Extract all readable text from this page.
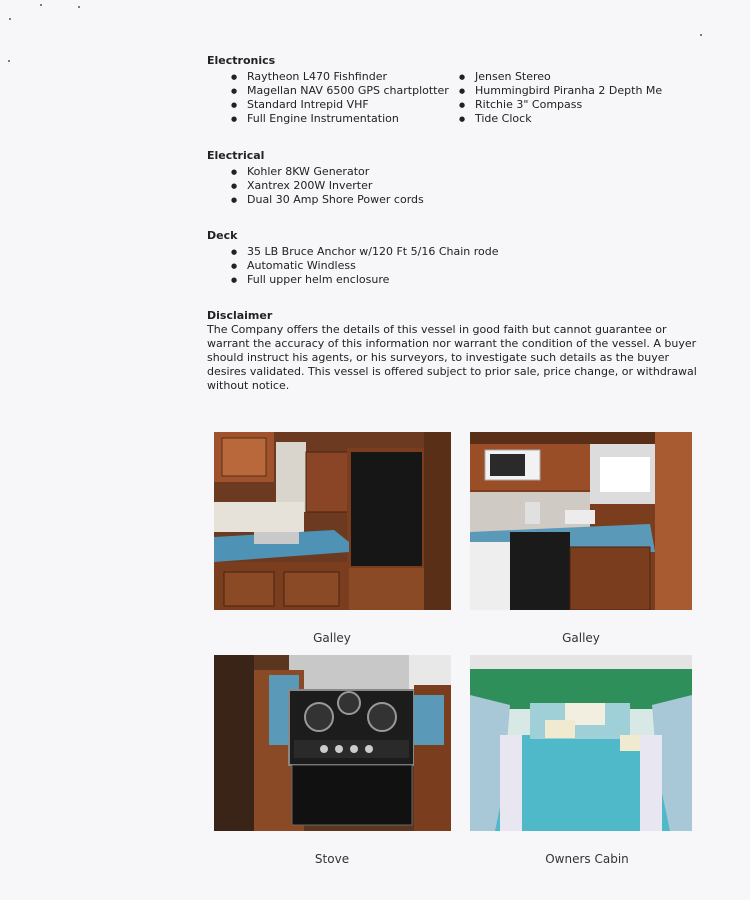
Electronics
● Raytheon L470 Fishfinder
● Magellan NAV 6500 GPS chartplotter
● Standard Intrepid VHF
● Full Engine Instrumentation
● Jensen Stereo
● Hummingbird Piranha 2 Depth Me
● Ritchie 3" Compass
● Tide Clock
Electrical
● Kohler 8KW Generator
● Xantrex 200W Inverter
● Dual 30 Amp Shore Power cords
Deck
● 35 LB Bruce Anchor w/120 Ft 5/16 Chain rode
● Automatic Windless
● Full upper helm enclosure
Disclaimer

The Company offers the details of this vessel in good faith but cannot guarantee or warrant the accuracy of this information nor warrant the condition of the vessel. A buyer should instruct his agents, or his surveyors, to investigate such details as the buyer desires validated. This vessel is offered subject to prior sale, price change, or withdrawal without notice.

Galley	Galley
Stove	Owners Cabin
